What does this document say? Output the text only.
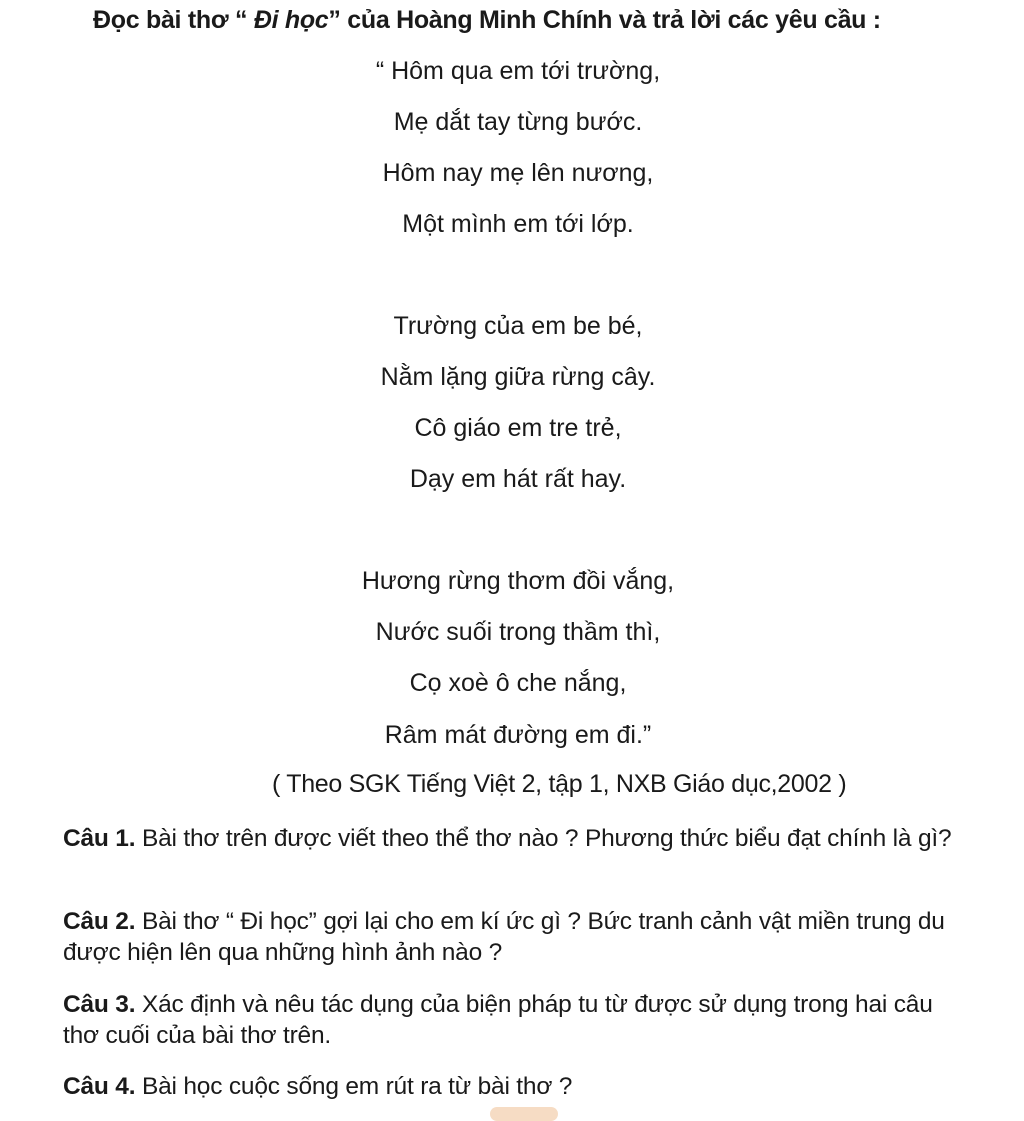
Đọc bài thơ “ Đi học” của Hoàng Minh Chính và trả lời các yêu cầu :
“ Hôm qua em tới trường,
Mẹ dắt tay từng bước.
Hôm nay mẹ lên nương,
Một mình em tới lớp.
Trường của em be bé,
Nằm lặng giữa rừng cây.
Cô giáo em tre trẻ,
Dạy em hát rất hay.
Hương rừng thơm đồi vắng,
Nước suối trong thầm thì,
Cọ xoè ô che nắng,
Râm mát đường em đi.”
( Theo SGK Tiếng Việt 2, tập 1, NXB Giáo dục,2002 )
Câu 1. Bài thơ trên được viết theo thể thơ nào ? Phương thức biểu đạt chính là gì?
Câu 2. Bài thơ “ Đi học” gợi lại cho em kí ức gì ? Bức tranh cảnh vật miền trung du được hiện lên qua những hình ảnh nào ?
Câu 3. Xác định và nêu tác dụng của biện pháp tu từ được sử dụng trong hai câu thơ cuối của bài thơ trên.
Câu 4. Bài học cuộc sống em rút ra từ bài thơ ?
